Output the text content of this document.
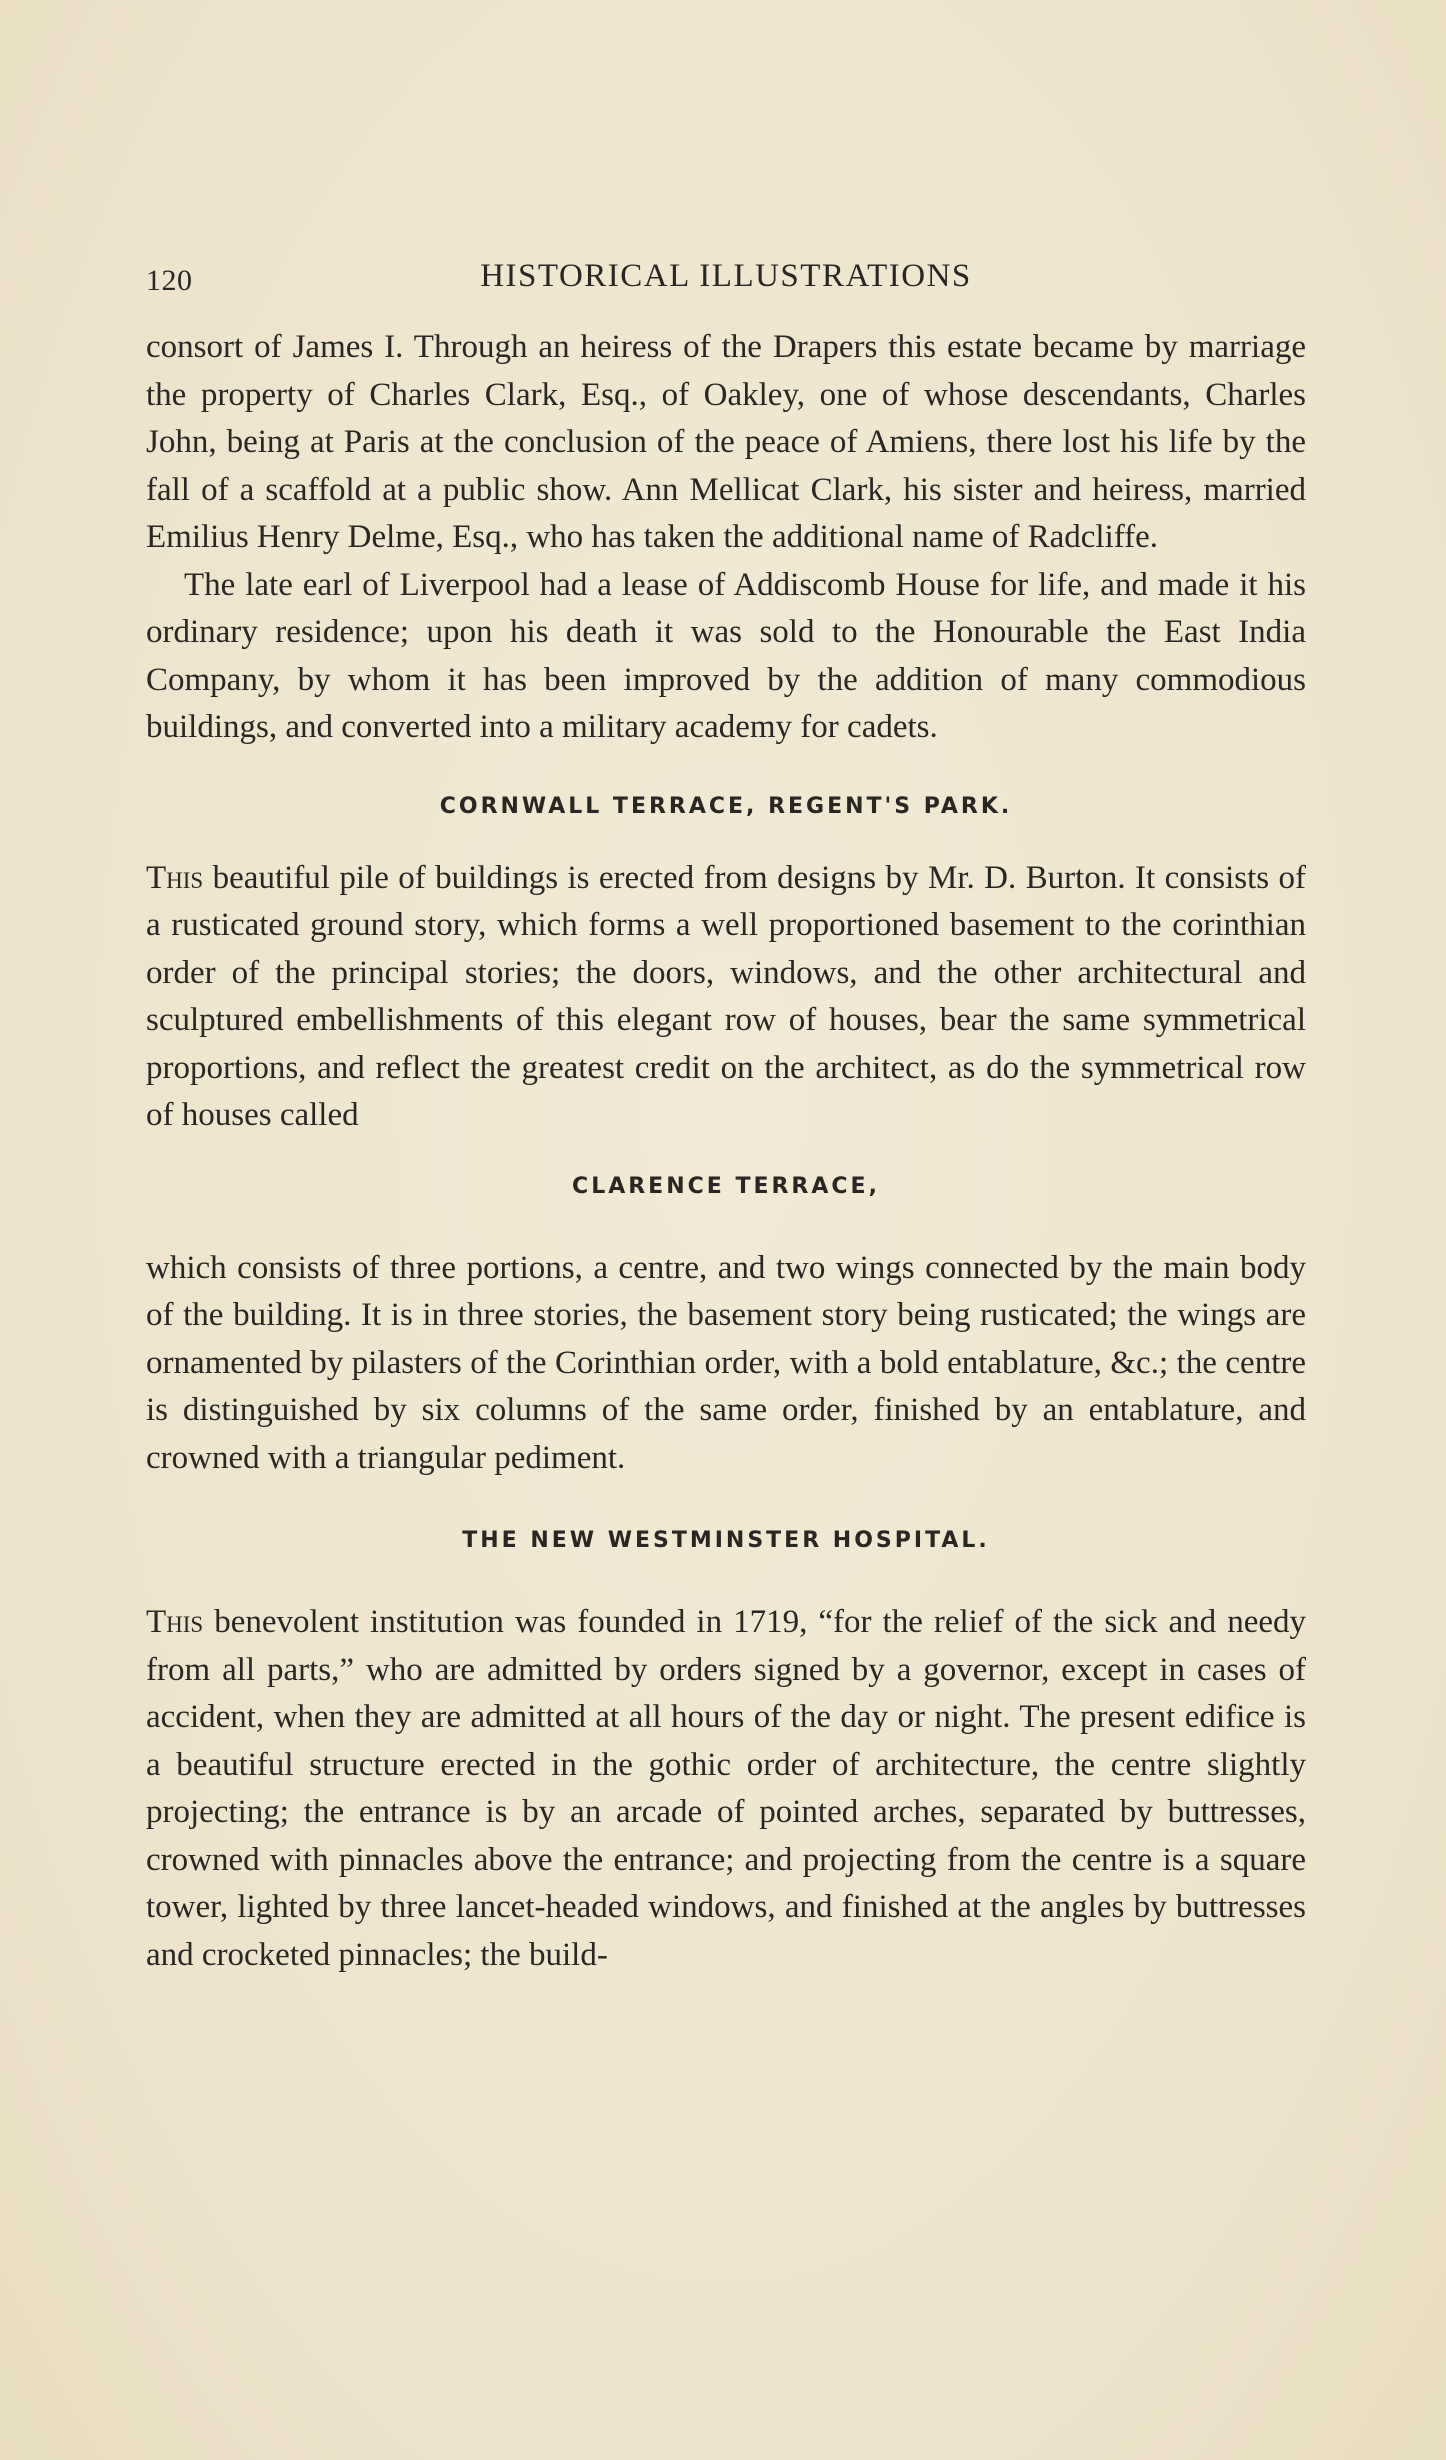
120	HISTORICAL ILLUSTRATIONS

consort of James I. Through an heiress of the Drapers this estate became by marriage the property of Charles Clark, Esq., of Oakley, one of whose descendants, Charles John, being at Paris at the conclusion of the peace of Amiens, there lost his life by the fall of a scaffold at a public show. Ann Mellicat Clark, his sister and heiress, married Emilius Henry Delme, Esq., who has taken the additional name of Radcliffe.

The late earl of Liverpool had a lease of Addiscomb House for life, and made it his ordinary residence; upon his death it was sold to the Honourable the East India Company, by whom it has been improved by the addition of many commodious buildings, and converted into a military academy for cadets.

CORNWALL TERRACE, REGENT'S PARK.

This beautiful pile of buildings is erected from designs by Mr. D. Burton. It consists of a rusticated ground story, which forms a well proportioned basement to the corinthian order of the principal stories; the doors, windows, and the other architectural and sculptured embellishments of this elegant row of houses, bear the same symmetrical proportions, and reflect the greatest credit on the architect, as do the symmetrical row of houses called

CLARENCE TERRACE,

which consists of three portions, a centre, and two wings connected by the main body of the building. It is in three stories, the basement story being rusticated; the wings are ornamented by pilasters of the Corinthian order, with a bold entablature, &c.; the centre is distinguished by six columns of the same order, finished by an entablature, and crowned with a triangular pediment.

THE NEW WESTMINSTER HOSPITAL.

This benevolent institution was founded in 1719, “for the relief of the sick and needy from all parts,” who are admitted by orders signed by a governor, except in cases of accident, when they are admitted at all hours of the day or night. The present edifice is a beautiful structure erected in the gothic order of architecture, the centre slightly projecting; the entrance is by an arcade of pointed arches, separated by buttresses, crowned with pinnacles above the entrance; and projecting from the centre is a square tower, lighted by three lancet-headed windows, and finished at the angles by buttresses and crocketed pinnacles; the build-
